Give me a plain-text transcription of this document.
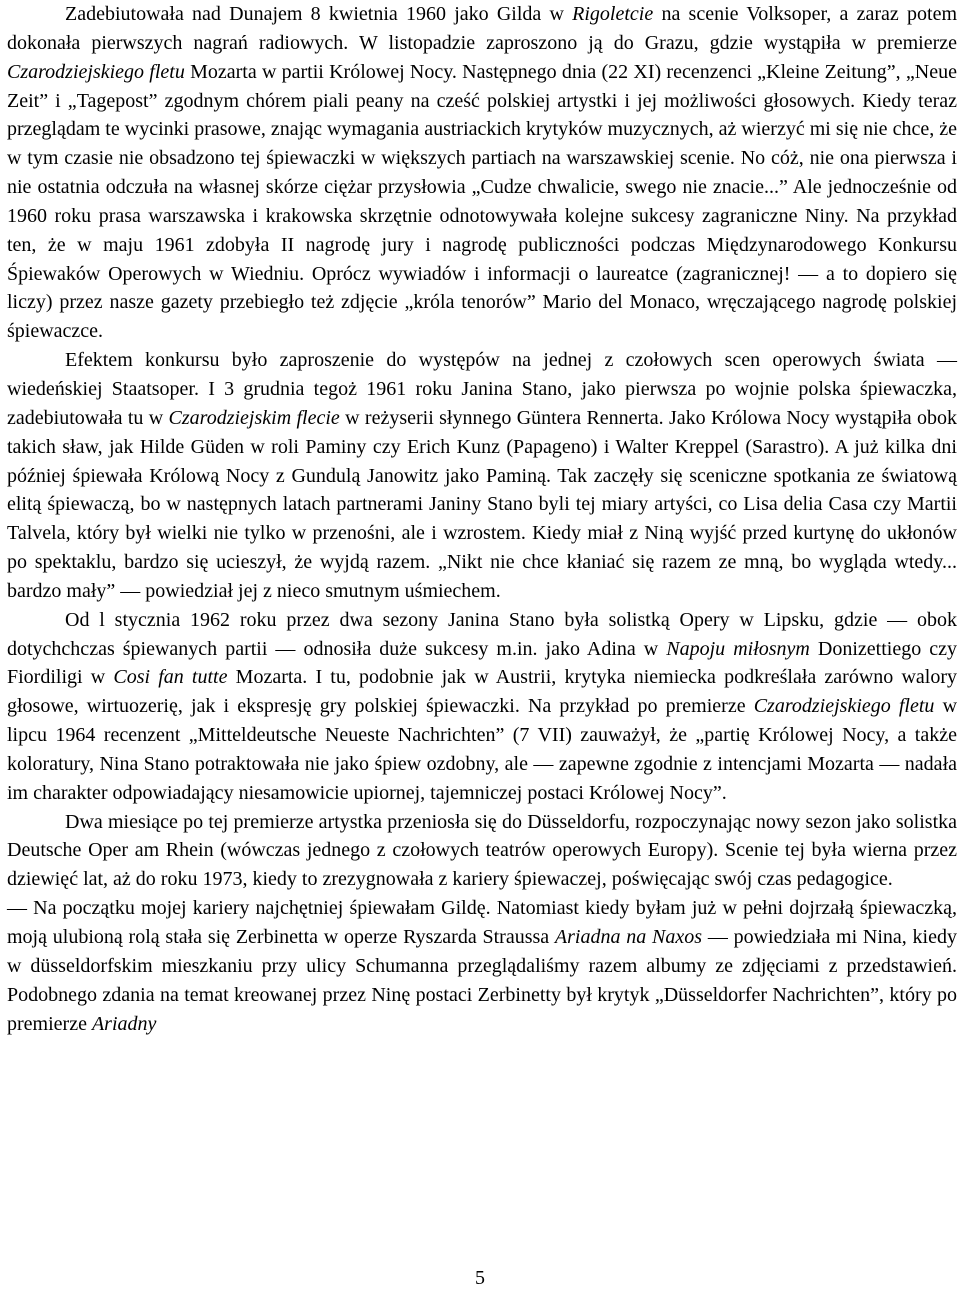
Zadebiutowała nad Dunajem 8 kwietnia 1960 jako Gilda w Rigoletcie na scenie Volksoper, a zaraz potem dokonała pierwszych nagrań radiowych. W listopadzie zaproszono ją do Grazu, gdzie wystąpiła w premierze Czarodziejskiego fletu Mozarta w partii Królowej Nocy. Następnego dnia (22 XI) recenzenci „Kleine Zeitung”, „Neue Zeit” i „Tagepost” zgodnym chórem piali peany na cześć polskiej artystki i jej możliwości głosowych. Kiedy teraz przeglądam te wycinki prasowe, znając wymagania austriackich krytyków muzycznych, aż wierzyć mi się nie chce, że w tym czasie nie obsadzono tej śpiewaczki w większych partiach na warszawskiej scenie. No cóż, nie ona pierwsza i nie ostatnia odczuła na własnej skórze ciężar przysłowia „Cudze chwalicie, swego nie znacie...” Ale jednocześnie od 1960 roku prasa warszawska i krakowska skrzętnie odnotowywała kolejne sukcesy zagraniczne Niny. Na przykład ten, że w maju 1961 zdobyła II nagrodę jury i nagrodę publiczności podczas Międzynarodowego Konkursu Śpiewaków Operowych w Wiedniu. Oprócz wywiadów i informacji o laureatce (zagranicznej! — a to dopiero się liczy) przez nasze gazety przebiegło też zdjęcie „króla tenorów” Mario del Monaco, wręczającego nagrodę polskiej śpiewaczce.

Efektem konkursu było zaproszenie do występów na jednej z czołowych scen operowych świata — wiedeńskiej Staatsoper. I 3 grudnia tegoż 1961 roku Janina Stano, jako pierwsza po wojnie polska śpiewaczka, zadebiutowała tu w Czarodziejskim flecie w reżyserii słynnego Güntera Rennerta. Jako Królowa Nocy wystąpiła obok takich sław, jak Hilde Güden w roli Paminy czy Erich Kunz (Papageno) i Walter Kreppel (Sarastro). A już kilka dni później śpiewała Królową Nocy z Gundulą Janowitz jako Paminą. Tak zaczęły się sceniczne spotkania ze światową elitą śpiewaczą, bo w następnych latach partnerami Janiny Stano byli tej miary artyści, co Lisa delia Casa czy Martii Talvela, który był wielki nie tylko w przenośni, ale i wzrostem. Kiedy miał z Niną wyjść przed kurtynę do ukłonów po spektaklu, bardzo się ucieszył, że wyjdą razem. „Nikt nie chce kłaniać się razem ze mną, bo wygląda wtedy... bardzo mały” — powiedział jej z nieco smutnym uśmiechem.

Od l stycznia 1962 roku przez dwa sezony Janina Stano była solistką Opery w Lipsku, gdzie — obok dotychchczas śpiewanych partii — odnosiła duże sukcesy m.in. jako Adina w Napoju miłosnym Donizettiego czy Fiordiligi w Cosi fan tutte Mozarta. I tu, podobnie jak w Austrii, krytyka niemiecka podkreślała zarówno walory głosowe, wirtuozerię, jak i ekspresję gry polskiej śpiewaczki. Na przykład po premierze Czarodziejskiego fletu w lipcu 1964 recenzent „Mitteldeutsche Neueste Nachrichten” (7 VII) zauważył, że „partię Królowej Nocy, a także koloratury, Nina Stano potraktowała nie jako śpiew ozdobny, ale — zapewne zgodnie z intencjami Mozarta — nadała im charakter odpowiadający niesamowicie upiornej, tajemniczej postaci Królowej Nocy”.

Dwa miesiące po tej premierze artystka przeniosła się do Düsseldorfu, rozpoczynając nowy sezon jako solistka Deutsche Oper am Rhein (wówczas jednego z czołowych teatrów operowych Europy). Scenie tej była wierna przez dziewięć lat, aż do roku 1973, kiedy to zrezygnowała z kariery śpiewaczej, poświęcając swój czas pedagogice.

— Na początku mojej kariery najchętniej śpiewałam Gildę. Natomiast kiedy byłam już w pełni dojrzałą śpiewaczką, moją ulubioną rolą stała się Zerbinetta w operze Ryszarda Straussa Ariadna na Naxos — powiedziała mi Nina, kiedy w düsseldorfskim mieszkaniu przy ulicy Schumanna przeglądaliśmy razem albumy ze zdjęciami z przedstawień. Podobnego zdania na temat kreowanej przez Ninę postaci Zerbinetty był krytyk „Düsseldorfer Nachrichten”, który po premierze Ariadny

5
